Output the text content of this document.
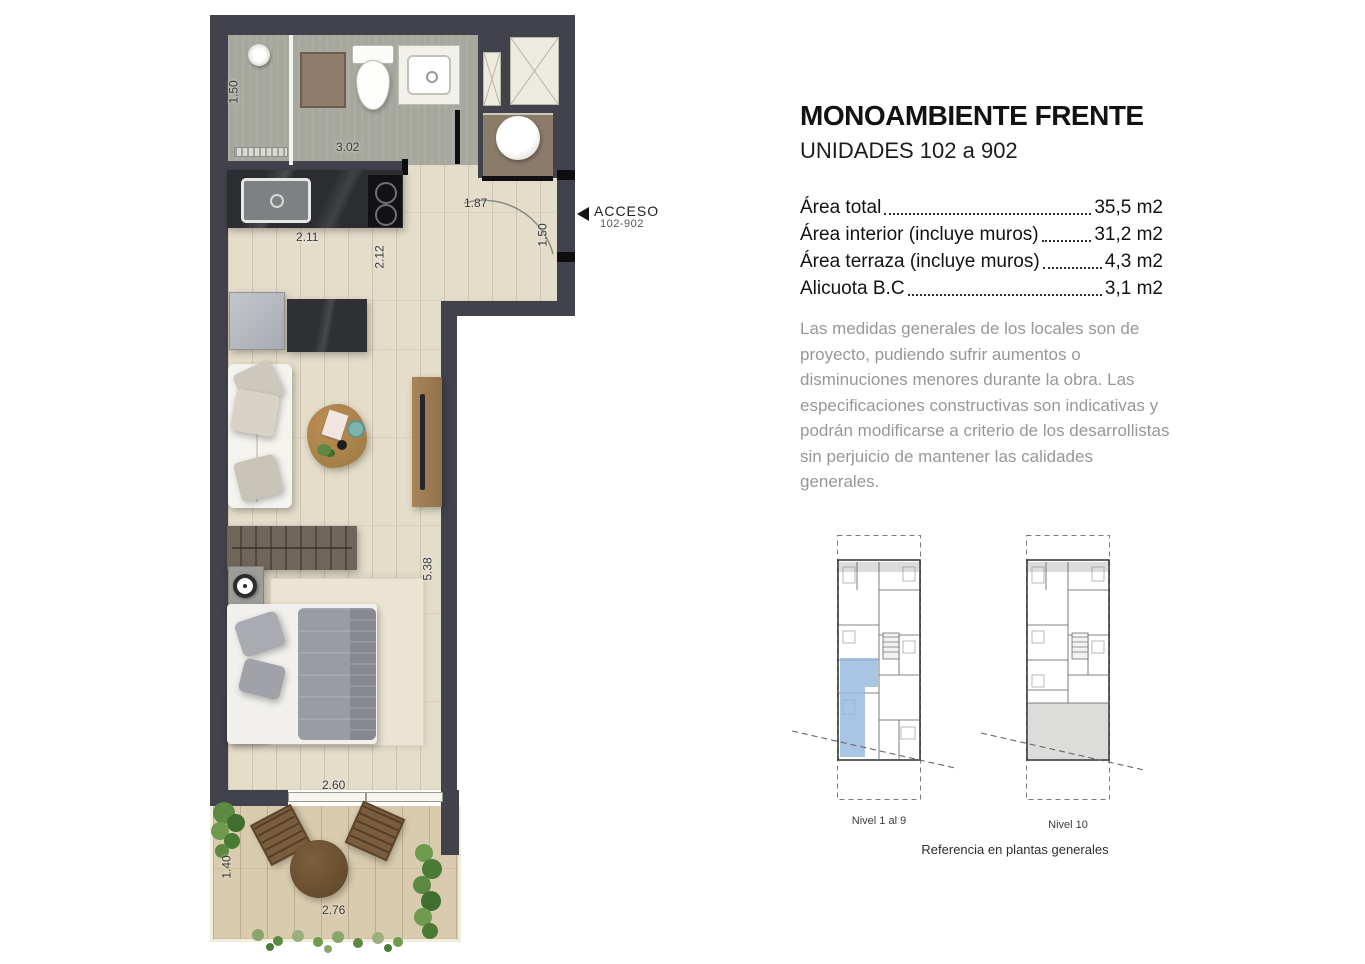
1.50
3.02
2.11
2.12
1.87
1.50
5.38
2.60
1.40
2.76
ACCESO
102-902
MONOAMBIENTE FRENTE
UNIDADES 102 a 902
Área total	35,5 m2
Área interior (incluye muros)	31,2 m2
Área terraza (incluye muros)	4,3 m2
Alicuota B.C	3,1 m2
Las medidas generales de los locales son de proyecto, pudiendo sufrir aumentos o disminuciones menores durante la obra. Las especificaciones constructivas son indicativas y podrán modificarse a criterio de los desarrollistas sin perjuicio de mantener las calidades generales.
Nivel 1 al 9	Nivel 10
Referencia en plantas generales
